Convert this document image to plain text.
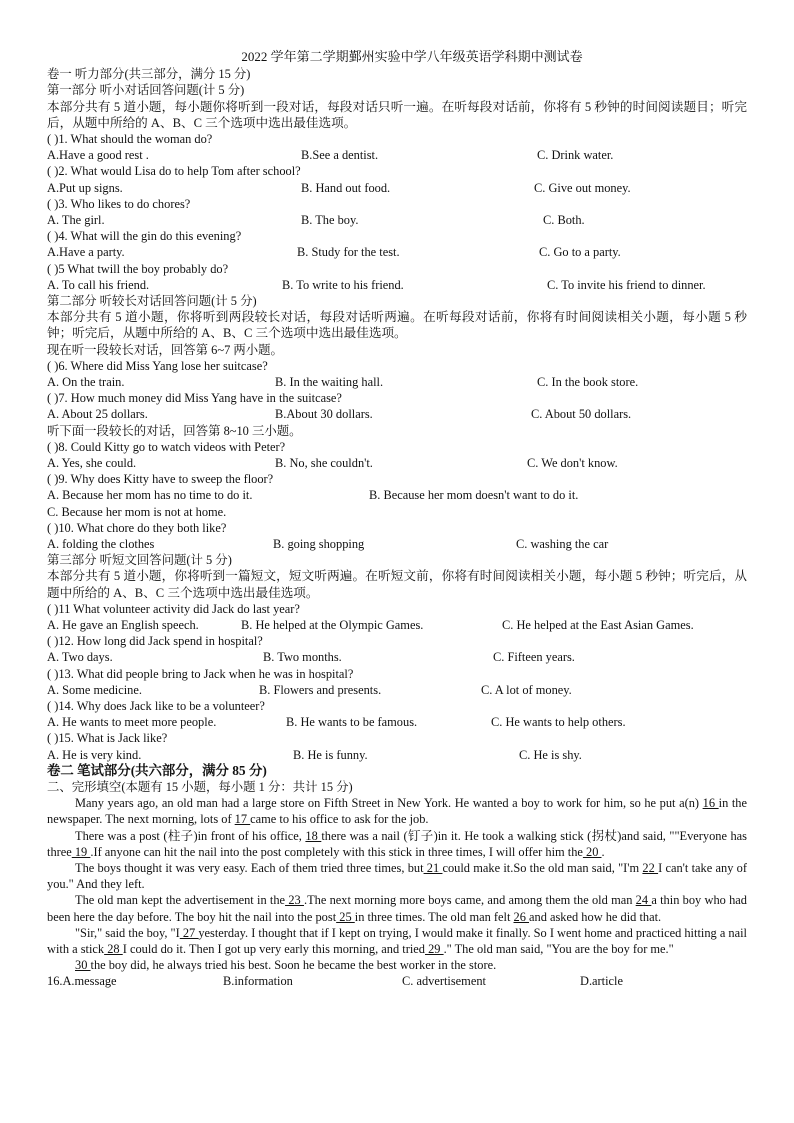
2022 学年第二学期鄞州实验中学八年级英语学科期中测试卷
卷一 听力部分(共三部分，满分 15 分)
第一部分 听小对话回答问题(计 5 分)
本部分共有 5 道小题，每小题你将听到一段对话，每段对话只听一遍。在听每段对话前，你将有 5 秒钟的时间阅读题目；听完后，从题中所给的 A、B、C 三个选项中选出最佳选项。
( )1. What should the woman do?
A.Have a good rest .	B.See a dentist.	C. Drink water.
( )2. What would Lisa do to help Tom after school?
A.Put up signs.	B. Hand out food.	C. Give out money.
( )3. Who likes to do chores?
A. The girl.	B. The boy.	C. Both.
( )4. What will the gin do this evening?
A.Have a party.	B. Study for the test.	C. Go to a party.
( )5 What twill the boy probably do?
A. To call his friend.	B. To write to his friend.	C. To invite his friend to dinner.
第二部分 听较长对话回答问题(计 5 分)
本部分共有 5 道小题，你将听到两段较长对话，每段对话听两遍。在听每段对话前，你将有时间阅读相关小题，每小题 5 秒钟；听完后，从题中所给的 A、B、C 三个选项中选出最佳选项。
现在听一段较长对话，回答第 6~7 两小题。
( )6. Where did Miss Yang lose her suitcase?
A. On the train.	B. In the waiting hall.	C. In the book store.
( )7. How much money did Miss Yang have in the suitcase?
A. About 25 dollars.	B.About 30 dollars.	C. About 50 dollars.
听下面一段较长的对话，回答第 8~10 三小题。
( )8. Could Kitty go to watch videos with Peter?
A. Yes, she could.	B. No, she couldn't.	C. We don't know.
( )9. Why does Kitty have to sweep the floor?
A. Because her mom has no time to do it.	B. Because her mom doesn't want to do it.
C. Because her mom is not at home.
( )10. What chore do they both like?
A. folding the clothes	B. going shopping	C. washing the car
第三部分 听短文回答问题(计 5 分)
本部分共有 5 道小题，你将听到一篇短文，短文听两遍。在听短文前，你将有时间阅读相关小题，每小题 5 秒钟；听完后，从题中所给的 A、B、C 三个选项中选出最佳选项。
( )11 What volunteer activity did Jack do last year?
A. He gave an English speech.	B. He helped at the Olympic Games.	C. He helped at the East Asian Games.
( )12. How long did Jack spend in hospital?
A. Two days.	B. Two months.	C. Fifteen years.
( )13. What did people bring to Jack when he was in hospital?
A. Some medicine.	B. Flowers and presents.	C. A lot of money.
( )14. Why does Jack like to be a volunteer?
A. He wants to meet more people.	B. He wants to be famous.	C. He wants to help others.
( )15. What is Jack like?
A. He is very kind.	B. He is funny.	C. He is shy.
卷二 笔试部分(共六部分，满分 85 分)
二、完形填空(本题有 15 小题，每小题 1 分：共计 15 分)
Many years ago, an old man had a large store on Fifth Street in New York. He wanted a boy to work for him, so he put a(n) 16 in the newspaper. The next morning, lots of 17 came to his office to ask for the job.
There was a post (柱子)in front of his office, 18 there was a nail (钉子)in it. He took a walking stick (拐杖)and said, ""Everyone has three 19 .If anyone can hit the nail into the post completely with this stick in three times, I will offer him the 20 .
The boys thought it was very easy. Each of them tried three times, but 21 could make it.So the old man said, "I'm 22 I can't take any of you." And they left.
The old man kept the advertisement in the 23 .The next morning more boys came, and among them the old man 24 a thin boy who had been here the day before. The boy hit the nail into the post 25 in three times. The old man felt 26 and asked how he did that.
"Sir," said the boy, "I 27 yesterday. I thought that if I kept on trying, I would make it finally. So I went home and practiced hitting a nail with a stick 28 I could do it. Then I got up very early this morning, and tried 29 ." The old man said, "You are the boy for me."
30 the boy did, he always tried his best. Soon he became the best worker in the store.
16.A.message	B.information	C. advertisement	D.article
